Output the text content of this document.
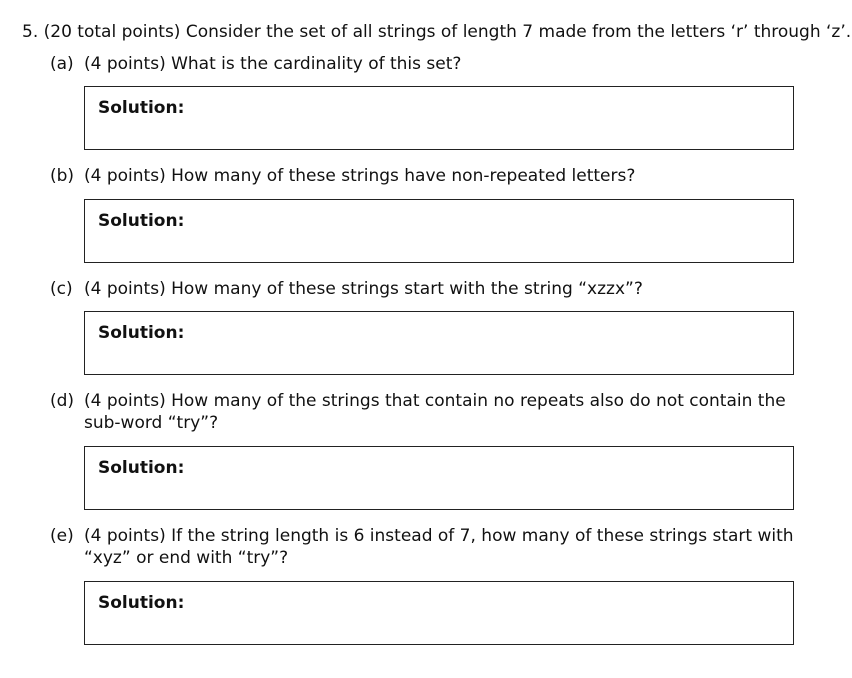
5. (20 total points) Consider the set of all strings of length 7 made from the letters ‘r’ through ‘z’.
(a) (4 points) What is the cardinality of this set?
Solution:
(b) (4 points) How many of these strings have non-repeated letters?
Solution:
(c) (4 points) How many of these strings start with the string “xzzx”?
Solution:
(d) (4 points) How many of the strings that contain no repeats also do not contain the sub-word “try”?
Solution:
(e) (4 points) If the string length is 6 instead of 7, how many of these strings start with “xyz” or end with “try”?
Solution:
